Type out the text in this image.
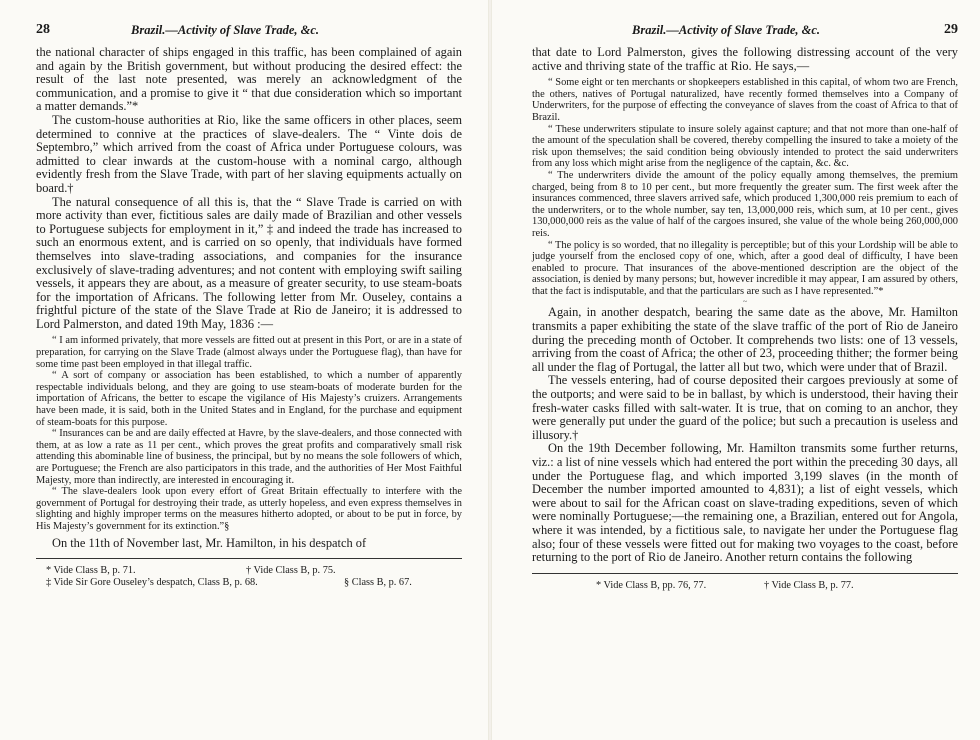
28	Brazil.—Activity of Slave Trade, &c.

the national character of ships engaged in this traffic, has been complained of again and again by the British government, but without producing the desired effect: the result of the last note presented, was merely an acknowledgment of the communication, and a promise to give it “ that due consideration which so important a matter demands.”*

The custom-house authorities at Rio, like the same officers in other places, seem determined to connive at the practices of slave-dealers. The “ Vinte dois de Septembro,” which arrived from the coast of Africa under Portuguese colours, was admitted to clear inwards at the custom-house with a nominal cargo, although evidently fresh from the Slave Trade, with part of her slaving equipments actually on board.†

The natural consequence of all this is, that the “ Slave Trade is carried on with more activity than ever, fictitious sales are daily made of Brazilian and other vessels to Portuguese subjects for employment in it,” ‡ and indeed the trade has increased to such an enormous extent, and is carried on so openly, that individuals have formed themselves into slave-trading associations, and companies for the insurance exclusively of slave-trading adventures; and not content with employing swift sailing vessels, it appears they are about, as a measure of greater security, to use steam-boats for the importation of Africans. The following letter from Mr. Ouseley, contains a frightful picture of the state of the Slave Trade at Rio de Janeiro; it is addressed to Lord Palmerston, and dated 19th May, 1836 :—

“ I am informed privately, that more vessels are fitted out at present in this Port, or are in a state of preparation, for carrying on the Slave Trade (almost always under the Portuguese flag), than have for some time past been employed in that illegal traffic.

“ A sort of company or association has been established, to which a number of apparently respectable individuals belong, and they are going to use steam-boats of moderate burden for the importation of Africans, the better to escape the vigilance of His Majesty’s cruizers. Arrangements have been made, it is said, both in the United States and in England, for the purchase and equipment of steam-boats for this purpose.

“ Insurances can be and are daily effected at Havre, by the slave-dealers, and those connected with them, at as low a rate as 11 per cent., which proves the great profits and comparatively small risk attending this abominable line of business, the principal, but by no means the sole followers of which, are Portuguese; the French are also participators in this trade, and the authorities of Her Most Faithful Majesty, more than indirectly, are interested in encouraging it.

“ The slave-dealers look upon every effort of Great Britain effectually to interfere with the government of Portugal for destroying their trade, as utterly hopeless, and even express themselves in slighting and highly improper terms on the measures hitherto adopted, or about to be put in force, by His Majesty’s government for its extinction.”§

On the 11th of November last, Mr. Hamilton, in his despatch of

* Vide Class B, p. 71.	† Vide Class B, p. 75.
‡ Vide Sir Gore Ouseley’s despatch, Class B, p. 68.	§ Class B, p. 67.
Brazil.—Activity of Slave Trade, &c.	29

that date to Lord Palmerston, gives the following distressing account of the very active and thriving state of the traffic at Rio. He says,—

“ Some eight or ten merchants or shopkeepers established in this capital, of whom two are French, the others, natives of Portugal naturalized, have recently formed themselves into a Company of Underwriters, for the purpose of effecting the conveyance of slaves from the coast of Africa to that of Brazil.

“ These underwriters stipulate to insure solely against capture; and that not more than one-half of the amount of the speculation shall be covered, thereby compelling the insured to take a moiety of the risk upon themselves; the said condition being obviously intended to protect the said underwriters from any loss which might arise from the negligence of the captain, &c. &c.

“ The underwriters divide the amount of the policy equally among themselves, the premium charged, being from 8 to 10 per cent., but more frequently the greater sum. The first week after the insurances commenced, three slavers arrived safe, which produced 1,300,000 reis premium to each of the underwriters, or to the whole number, say ten, 13,000,000 reis, which sum, at 10 per cent., gives 130,000,000 reis as the value of half of the cargoes insured, she value of the whole being 260,000,000 reis.

“ The policy is so worded, that no illegality is perceptible; but of this your Lordship will be able to judge yourself from the enclosed copy of one, which, after a good deal of difficulty, I have been enabled to procure. That insurances of the above-mentioned description are the object of the association, is denied by many persons; but, however incredible it may appear, I am assured by others, that the fact is indisputable, and that the particulars are such as I have represented.”*

~

Again, in another despatch, bearing the same date as the above, Mr. Hamilton transmits a paper exhibiting the state of the slave traffic of the port of Rio de Janeiro during the preceding month of October. It comprehends two lists: one of 13 vessels, arriving from the coast of Africa; the other of 23, proceeding thither; the former being all under the flag of Portugal, the latter all but two, which were under that of Brazil.

The vessels entering, had of course deposited their cargoes previously at some of the outports; and were said to be in ballast, by which is understood, their having their fresh-water casks filled with salt-water. It is true, that on coming to an anchor, they were generally put under the guard of the police; but such a precaution is useless and illusory.†

On the 19th December following, Mr. Hamilton transmits some further returns, viz.: a list of nine vessels which had entered the port within the preceding 30 days, all under the Portuguese flag, and which imported 3,199 slaves (in the month of December the number imported amounted to 4,831); a list of eight vessels, which were about to sail for the African coast on slave-trading expeditions, seven of which were nominally Portuguese;—the remaining one, a Brazilian, entered out for Angola, where it was intended, by a fictitious sale, to navigate her under the Portuguese flag also; four of these vessels were fitted out for making two voyages to the coast, before returning to the port of Rio de Janeiro. Another return contains the following

* Vide Class B, pp. 76, 77.	† Vide Class B, p. 77.
